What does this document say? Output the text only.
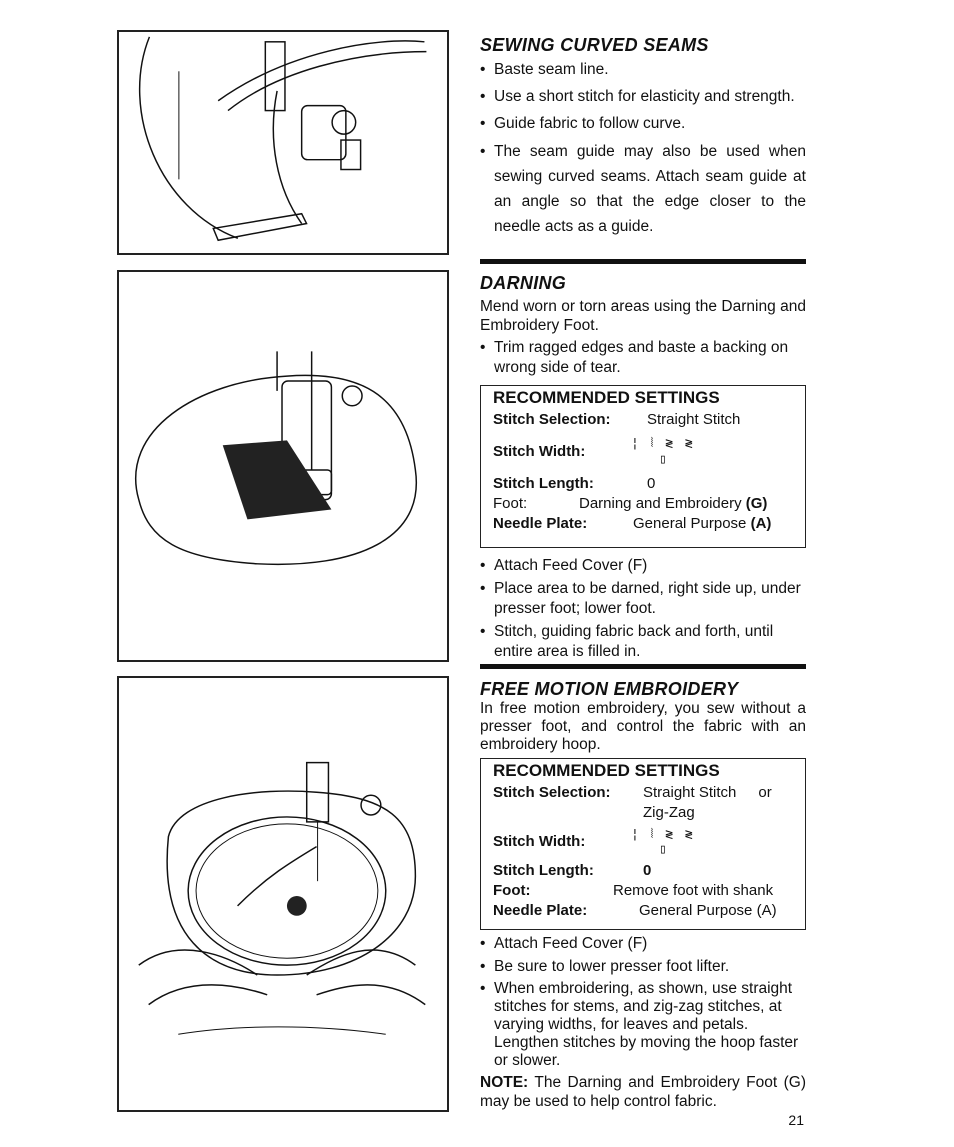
SEWING CURVED SEAMS
• Baste seam line.
• Use a short stitch for elasticity and strength.
• Guide fabric to follow curve.
• The seam guide may also be used when sewing curved seams. Attach seam guide at an angle so that the edge closer to the needle acts as a guide.
DARNING

Mend worn or torn areas using the Darning and Embroidery Foot.

• Trim ragged edges and baste a backing on wrong side of tear.
RECOMMENDED SETTINGS
Stitch Selection:	Straight Stitch
Stitch Width:	¦ ⦚ ≷ ≷
▯
Stitch Length:	0
Foot:	Darning and Embroidery
(G)
Needle Plate:	General Purpose
(A)
• Attach Feed Cover (F)
• Place area to be darned, right side up, under presser foot; lower foot.
• Stitch, guiding fabric back and forth, until entire area is filled in.
FREE MOTION EMBROIDERY

In free motion embroidery, you sew without a presser foot, and control the fabric with an embroidery hoop.

RECOMMENDED SETTINGS
Stitch Selection:	Straight Stitch or
Zig-Zag
Stitch Width:	¦ ⦚ ≷ ≷
▯
Stitch Length:	0
Foot:	Remove foot with shank
Needle Plate:	General Purpose (A)
• Attach Feed Cover (F)
• Be sure to lower presser foot lifter.
• When embroidering, as shown, use straight stitches for stems, and zig-zag stitches, at varying widths, for leaves and petals. Lengthen stitches by moving the hoop faster or slower.

NOTE: The Darning and Embroidery Foot (G) may be used to help control fabric.

21
